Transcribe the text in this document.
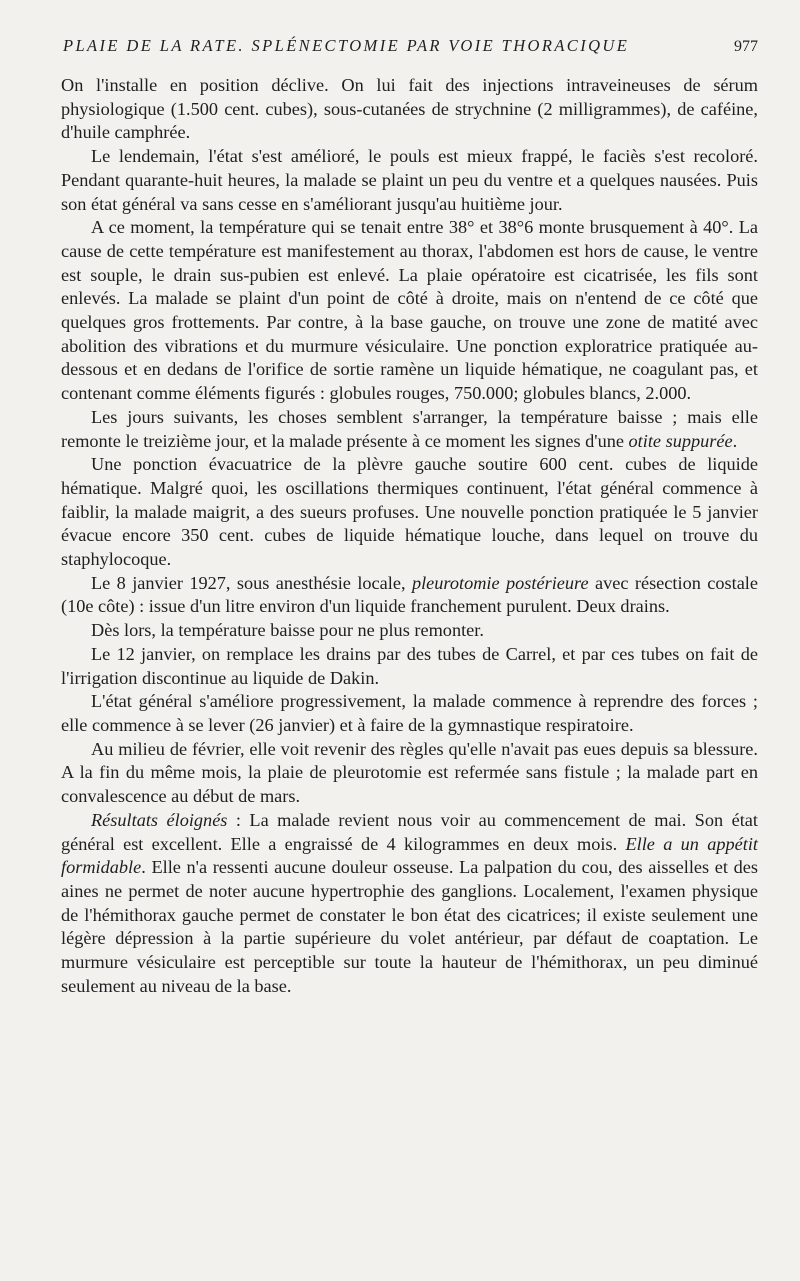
PLAIE DE LA RATE. SPLÉNECTOMIE PAR VOIE THORACIQUE	977

On l'installe en position déclive. On lui fait des injections intraveineuses de sérum physiologique (1.500 cent. cubes), sous-cutanées de strychnine (2 milligrammes), de caféine, d'huile camphrée.

Le lendemain, l'état s'est amélioré, le pouls est mieux frappé, le faciès s'est recoloré. Pendant quarante-huit heures, la malade se plaint un peu du ventre et a quelques nausées. Puis son état général va sans cesse en s'améliorant jusqu'au huitième jour.

A ce moment, la température qui se tenait entre 38° et 38°6 monte brusquement à 40°. La cause de cette température est manifestement au thorax, l'abdomen est hors de cause, le ventre est souple, le drain sus-pubien est enlevé. La plaie opératoire est cicatrisée, les fils sont enlevés. La malade se plaint d'un point de côté à droite, mais on n'entend de ce côté que quelques gros frottements. Par contre, à la base gauche, on trouve une zone de matité avec abolition des vibrations et du murmure vésiculaire. Une ponction exploratrice pratiquée au-dessous et en dedans de l'orifice de sortie ramène un liquide hématique, ne coagulant pas, et contenant comme éléments figurés : globules rouges, 750.000; globules blancs, 2.000.

Les jours suivants, les choses semblent s'arranger, la température baisse ; mais elle remonte le treizième jour, et la malade présente à ce moment les signes d'une otite suppurée.

Une ponction évacuatrice de la plèvre gauche soutire 600 cent. cubes de liquide hématique. Malgré quoi, les oscillations thermiques continuent, l'état général commence à faiblir, la malade maigrit, a des sueurs profuses. Une nouvelle ponction pratiquée le 5 janvier évacue encore 350 cent. cubes de liquide hématique louche, dans lequel on trouve du staphylocoque.

Le 8 janvier 1927, sous anesthésie locale, pleurotomie postérieure avec résection costale (10e côte) : issue d'un litre environ d'un liquide franchement purulent. Deux drains.

Dès lors, la température baisse pour ne plus remonter.

Le 12 janvier, on remplace les drains par des tubes de Carrel, et par ces tubes on fait de l'irrigation discontinue au liquide de Dakin.

L'état général s'améliore progressivement, la malade commence à reprendre des forces ; elle commence à se lever (26 janvier) et à faire de la gymnastique respiratoire.

Au milieu de février, elle voit revenir des règles qu'elle n'avait pas eues depuis sa blessure. A la fin du même mois, la plaie de pleurotomie est refermée sans fistule ; la malade part en convalescence au début de mars.

Résultats éloignés : La malade revient nous voir au commencement de mai. Son état général est excellent. Elle a engraissé de 4 kilogrammes en deux mois. Elle a un appétit formidable. Elle n'a ressenti aucune douleur osseuse. La palpation du cou, des aisselles et des aines ne permet de noter aucune hypertrophie des ganglions. Localement, l'examen physique de l'hémithorax gauche permet de constater le bon état des cicatrices; il existe seulement une légère dépression à la partie supérieure du volet antérieur, par défaut de coaptation. Le murmure vésiculaire est perceptible sur toute la hauteur de l'hémithorax, un peu diminué seulement au niveau de la base.
